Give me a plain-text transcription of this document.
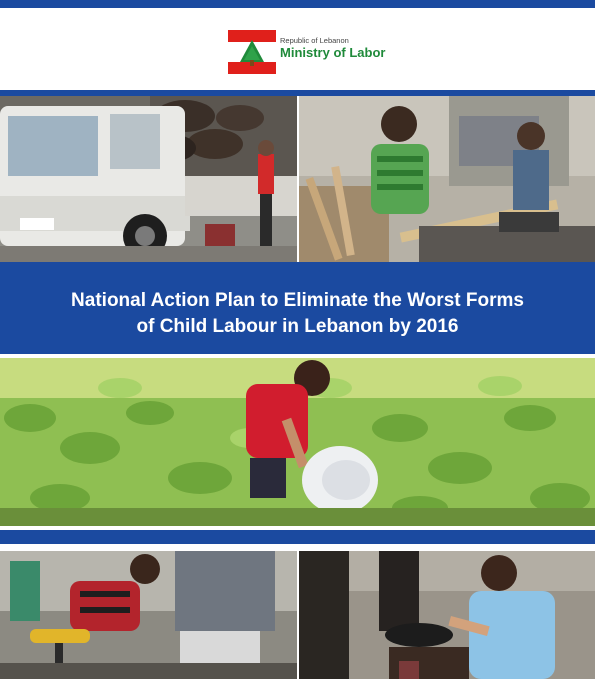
Republic of Lebanon
Ministry of Labor
National Action Plan to Eliminate the Worst Forms
of Child Labour in Lebanon by 2016
